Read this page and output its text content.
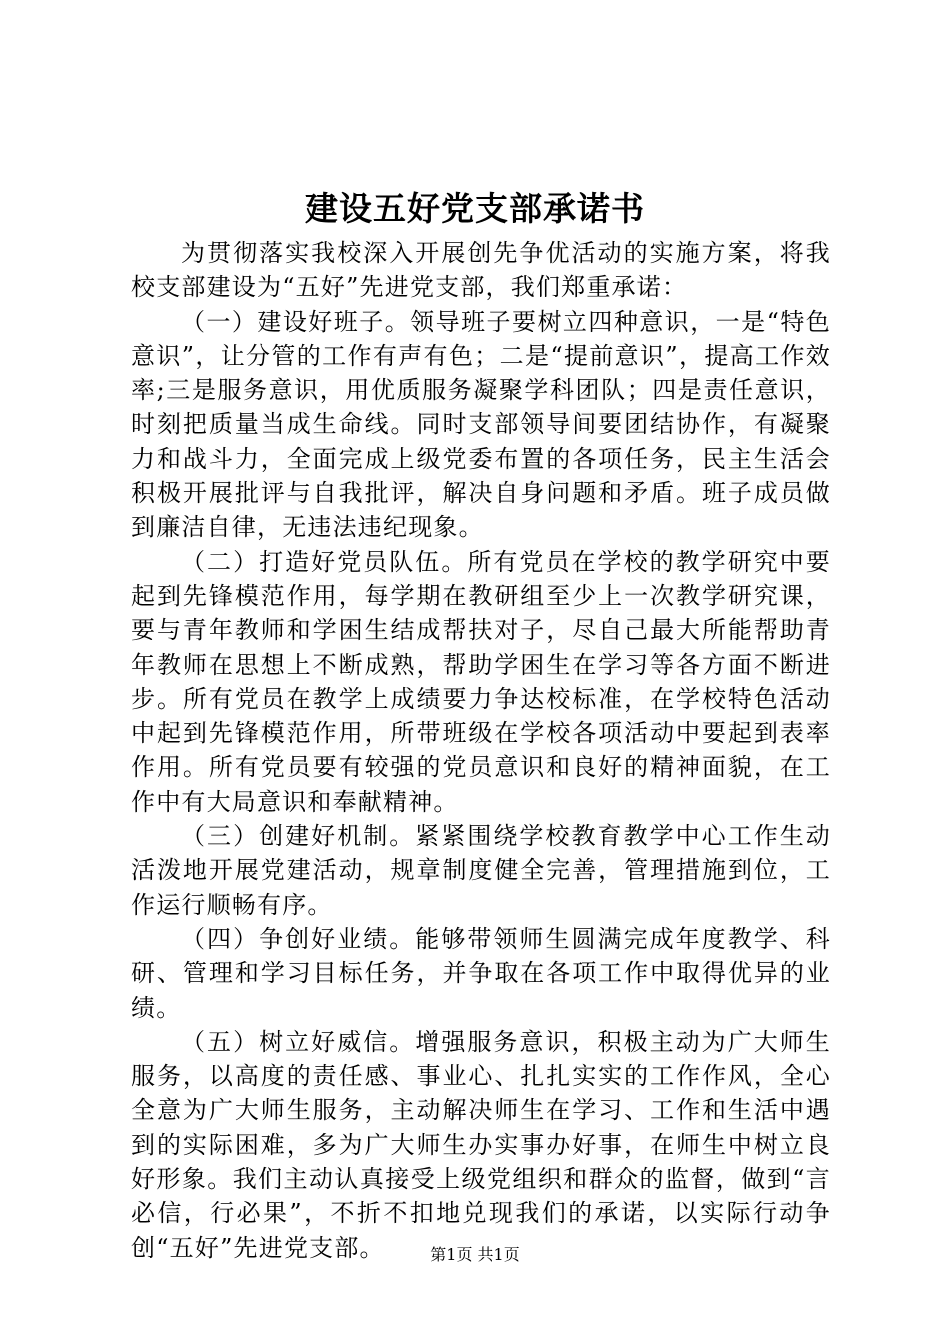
建设五好党支部承诺书

为贯彻落实我校深入开展创先争优活动的实施方案，将我校支部建设为“五好”先进党支部，我们郑重承诺：

（一）建设好班子。领导班子要树立四种意识，一是“特色意识”，让分管的工作有声有色；二是“提前意识”，提高工作效率;三是服务意识，用优质服务凝聚学科团队；四是责任意识，时刻把质量当成生命线。同时支部领导间要团结协作，有凝聚力和战斗力，全面完成上级党委布置的各项任务，民主生活会积极开展批评与自我批评，解决自身问题和矛盾。班子成员做到廉洁自律，无违法违纪现象。

（二）打造好党员队伍。所有党员在学校的教学研究中要起到先锋模范作用，每学期在教研组至少上一次教学研究课，要与青年教师和学困生结成帮扶对子，尽自己最大所能帮助青年教师在思想上不断成熟，帮助学困生在学习等各方面不断进步。所有党员在教学上成绩要力争达校标准，在学校特色活动中起到先锋模范作用，所带班级在学校各项活动中要起到表率作用。所有党员要有较强的党员意识和良好的精神面貌，在工作中有大局意识和奉献精神。

（三）创建好机制。紧紧围绕学校教育教学中心工作生动活泼地开展党建活动，规章制度健全完善，管理措施到位，工作运行顺畅有序。

（四）争创好业绩。能够带领师生圆满完成年度教学、科研、管理和学习目标任务，并争取在各项工作中取得优异的业绩。

（五）树立好威信。增强服务意识，积极主动为广大师生服务，以高度的责任感、事业心、扎扎实实的工作作风，全心全意为广大师生服务，主动解决师生在学习、工作和生活中遇到的实际困难，多为广大师生办实事办好事，在师生中树立良好形象。我们主动认真接受上级党组织和群众的监督，做到“言必信，行必果”，不折不扣地兑现我们的承诺，以实际行动争创“五好”先进党支部。	第1页 共1页
